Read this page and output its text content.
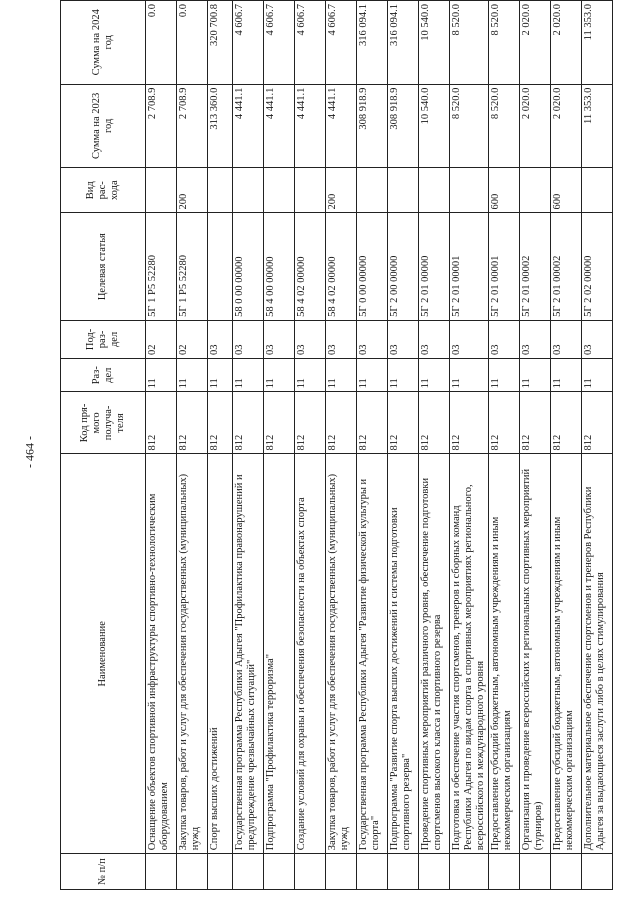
- 464 -
№ п/п	Наименование	Код пря- мого получа- теля	Раз- дел	Под- раз- дел	Целевая статья	Вид рас- хода	Сумма на 2023 год	Сумма на 2024 год
	Оснащение объектов спортивной инфраструктуры спортивно-технологическим оборудованием	812	11	02	5Г 1 Р5 52280		2 708.9	0.0
	Закупка товаров, работ и услуг для обеспечения государственных (муниципальных) нужд	812	11	02	5Г 1 Р5 52280	200	2 708.9	0.0
	Спорт высших достижений	812	11	03			313 360.0	320 700.8
	Государственная программа Республики Адыгея "Профилактика правонарушений и предупреждение чрезвычайных ситуаций"	812	11	03	58 0 00 00000		4 441.1	4 606.7
	Подпрограмма "Профилактика терроризма"	812	11	03	58 4 00 00000		4 441.1	4 606.7
	Создание условий для охраны и обеспечения безопасности на объектах спорта	812	11	03	58 4 02 00000		4 441.1	4 606.7
	Закупка товаров, работ и услуг для обеспечения государственных (муниципальных) нужд	812	11	03	58 4 02 00000	200	4 441.1	4 606.7
	Государственная программа Республики Адыгея "Развитие физической культуры и спорта"	812	11	03	5Г 0 00 00000		308 918.9	316 094.1
	Подпрограмма "Развитие спорта высших достижений и системы подготовки спортивного резерва"	812	11	03	5Г 2 00 00000		308 918.9	316 094.1
	Проведение спортивных мероприятий различного уровня, обеспечение подготовки спортсменов высокого класса и спортивного резерва	812	11	03	5Г 2 01 00000		10 540.0	10 540.0
	Подготовка и обеспечение участия спортсменов, тренеров и сборных команд Республики Адыгея по видам спорта в спортивных мероприятиях регионального, всероссийского и международного уровня	812	11	03	5Г 2 01 00001		8 520.0	8 520.0
	Предоставление субсидий бюджетным, автономным учреждениям и иным некоммерческим организациям	812	11	03	5Г 2 01 00001	600	8 520.0	8 520.0
	Организация и проведение всероссийских и региональных спортивных мероприятий (турниров)	812	11	03	5Г 2 01 00002		2 020.0	2 020.0
	Предоставление субсидий бюджетным, автономным учреждениям и иным некоммерческим организациям	812	11	03	5Г 2 01 00002	600	2 020.0	2 020.0
	Дополнительное материальное обеспечение спортсменов и тренеров Республики Адыгея за выдающиеся заслуги либо в целях стимулирования	812	11	03	5Г 2 02 00000		11 353.0	11 353.0
